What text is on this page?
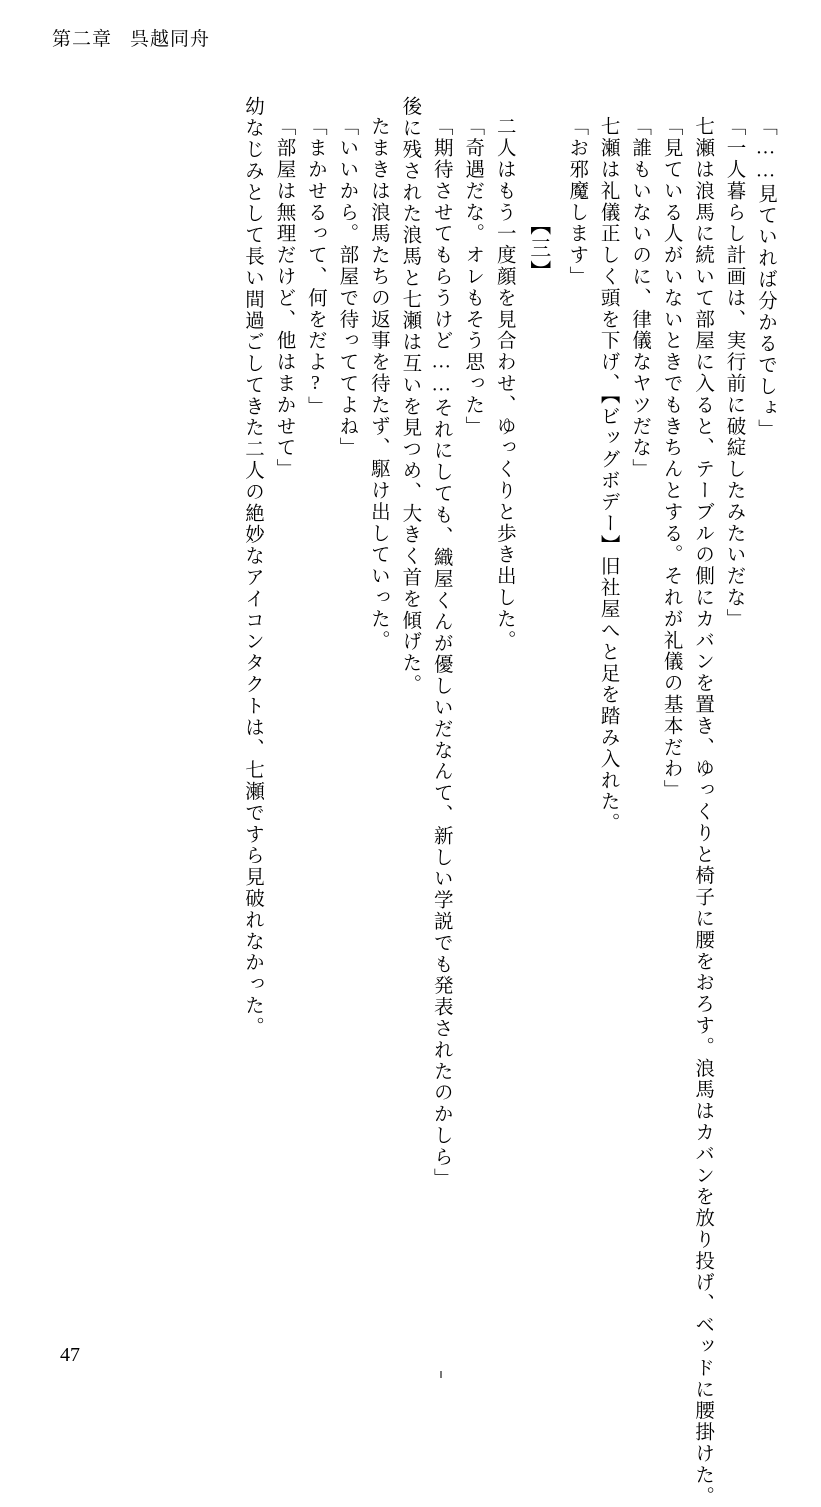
第二章 呉越同舟
幼なじみとして長い間過ごしてきた二人の絶妙なアイコンタクトは、七瀬ですら見破れなかった。 「部屋は無理だけど、他はまかせて」 「まかせるって、何をだよ?」 「いいから。部屋で待っててよね」 たまきは浪馬たちの返事を待たず、駆け出していった。 後に残された浪馬と七瀬は互いを見つめ、大きく首を傾げた。 「期待させてもらうけど……それにしても、織屋くんが優しいだなんて、新しい学説でも発表されたのかしら」 「奇遇だな。オレもそう思った」 二人はもう一度顔を見合わせ、ゆっくりと歩き出した。 【三】 「お邪魔します」 七瀬は礼儀正しく頭を下げ、【ビッグボデー】旧社屋へと足を踏み入れた。 「誰もいないのに、律儀なヤツだな」 「見ている人がいないときでもきちんとする。それが礼儀の基本だわ」 七瀬は浪馬に続いて部屋に入ると、テーブルの側にカバンを置き、ゆっくりと椅子に腰をおろす。浪馬はカバンを放り投げ、ベッドに腰掛けた。 「一人暮らし計画は、実行前に破綻したみたいだな」 「……見ていれば分かるでしょ」
47
